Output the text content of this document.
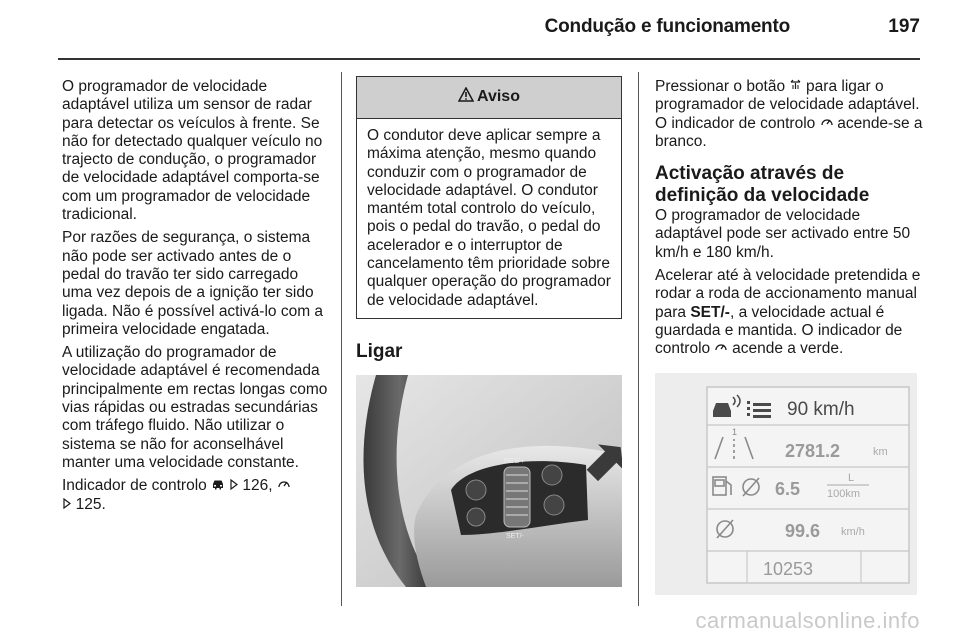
Condução e funcionamento	197

O programador de velocidade adaptável utiliza um sensor de radar para detectar os veículos à frente. Se não for detectado qualquer veículo no trajecto de condução, o programador de velocidade adaptável comporta-se com um programador de velocidade tradicional.

Por razões de segurança, o sistema não pode ser activado antes de o pedal do travão ter sido carregado uma vez depois de a ignição ter sido ligada. Não é possível activá-lo com a primeira velocidade engatada.

A utilização do programador de velocidade adaptável é recomendada principalmente em rectas longas como vias rápidas ou estradas secundárias com tráfego fluido. Não utilizar o sistema se não for aconselhável manter uma velocidade constante.

Indicador de controlo 126,
125.

Aviso
O condutor deve aplicar sempre a máxima atenção, mesmo quando conduzir com o programador de velocidade adaptável. O condutor mantém total controlo do veículo, pois o pedal do travão, o pedal do acelerador e o interruptor de cancelamento têm prioridade sobre qualquer operação do programador de velocidade adaptável.
Ligar
RES/+
SET/-

Pressionar o botão para ligar o programador de velocidade adaptável. O indicador de controlo acende-se a branco.

Activação através de definição da velocidade

O programador de velocidade adaptável pode ser activado entre 50 km/h e 180 km/h.

Acelerar até à velocidade pretendida e rodar a roda de accionamento manual para SET/-, a velocidade actual é guardada e mantida. O indicador de controlo acende a verde.

90 km/h
1
2781.2	km
6.5
L
100km
99.6 km/h
10253
carmanualsonline.info
